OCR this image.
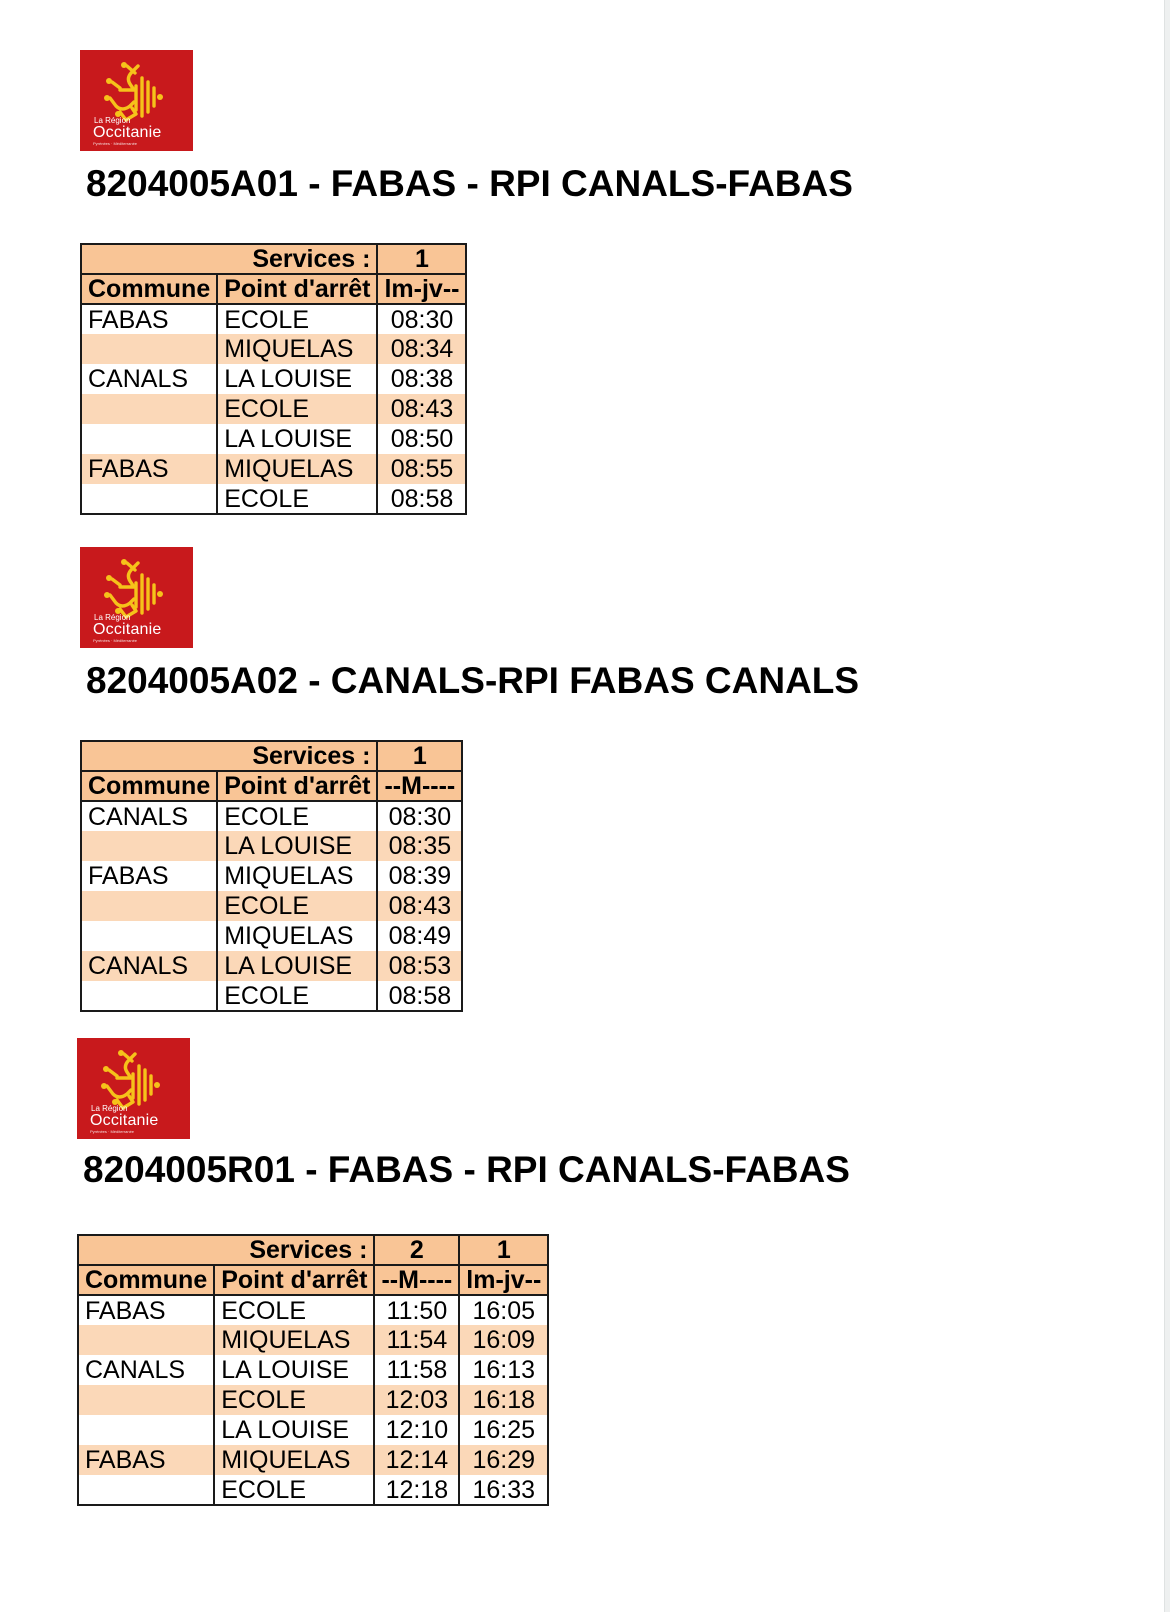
La Région
Occitanie
Pyrénées · Méditerranée
8204005A01 - FABAS - RPI CANALS-FABAS
Services :		1
Commune	Point d'arrêt	lm-jv--
FABAS	ECOLE	08:30
	MIQUELAS	08:34
CANALS	LA LOUISE	08:38
	ECOLE	08:43
	LA LOUISE	08:50
FABAS	MIQUELAS	08:55
	ECOLE	08:58
La Région
Occitanie
Pyrénées · Méditerranée
8204005A02 - CANALS-RPI FABAS CANALS
Services :		1
Commune	Point d'arrêt	--M----
CANALS	ECOLE	08:30
	LA LOUISE	08:35
FABAS	MIQUELAS	08:39
	ECOLE	08:43
	MIQUELAS	08:49
CANALS	LA LOUISE	08:53
	ECOLE	08:58
La Région
Occitanie
Pyrénées · Méditerranée
8204005R01 - FABAS - RPI CANALS-FABAS
Services :		2	1
Commune	Point d'arrêt	--M----	lm-jv--
FABAS	ECOLE	11:50	16:05
	MIQUELAS	11:54	16:09
CANALS	LA LOUISE	11:58	16:13
	ECOLE	12:03	16:18
	LA LOUISE	12:10	16:25
FABAS	MIQUELAS	12:14	16:29
	ECOLE	12:18	16:33
